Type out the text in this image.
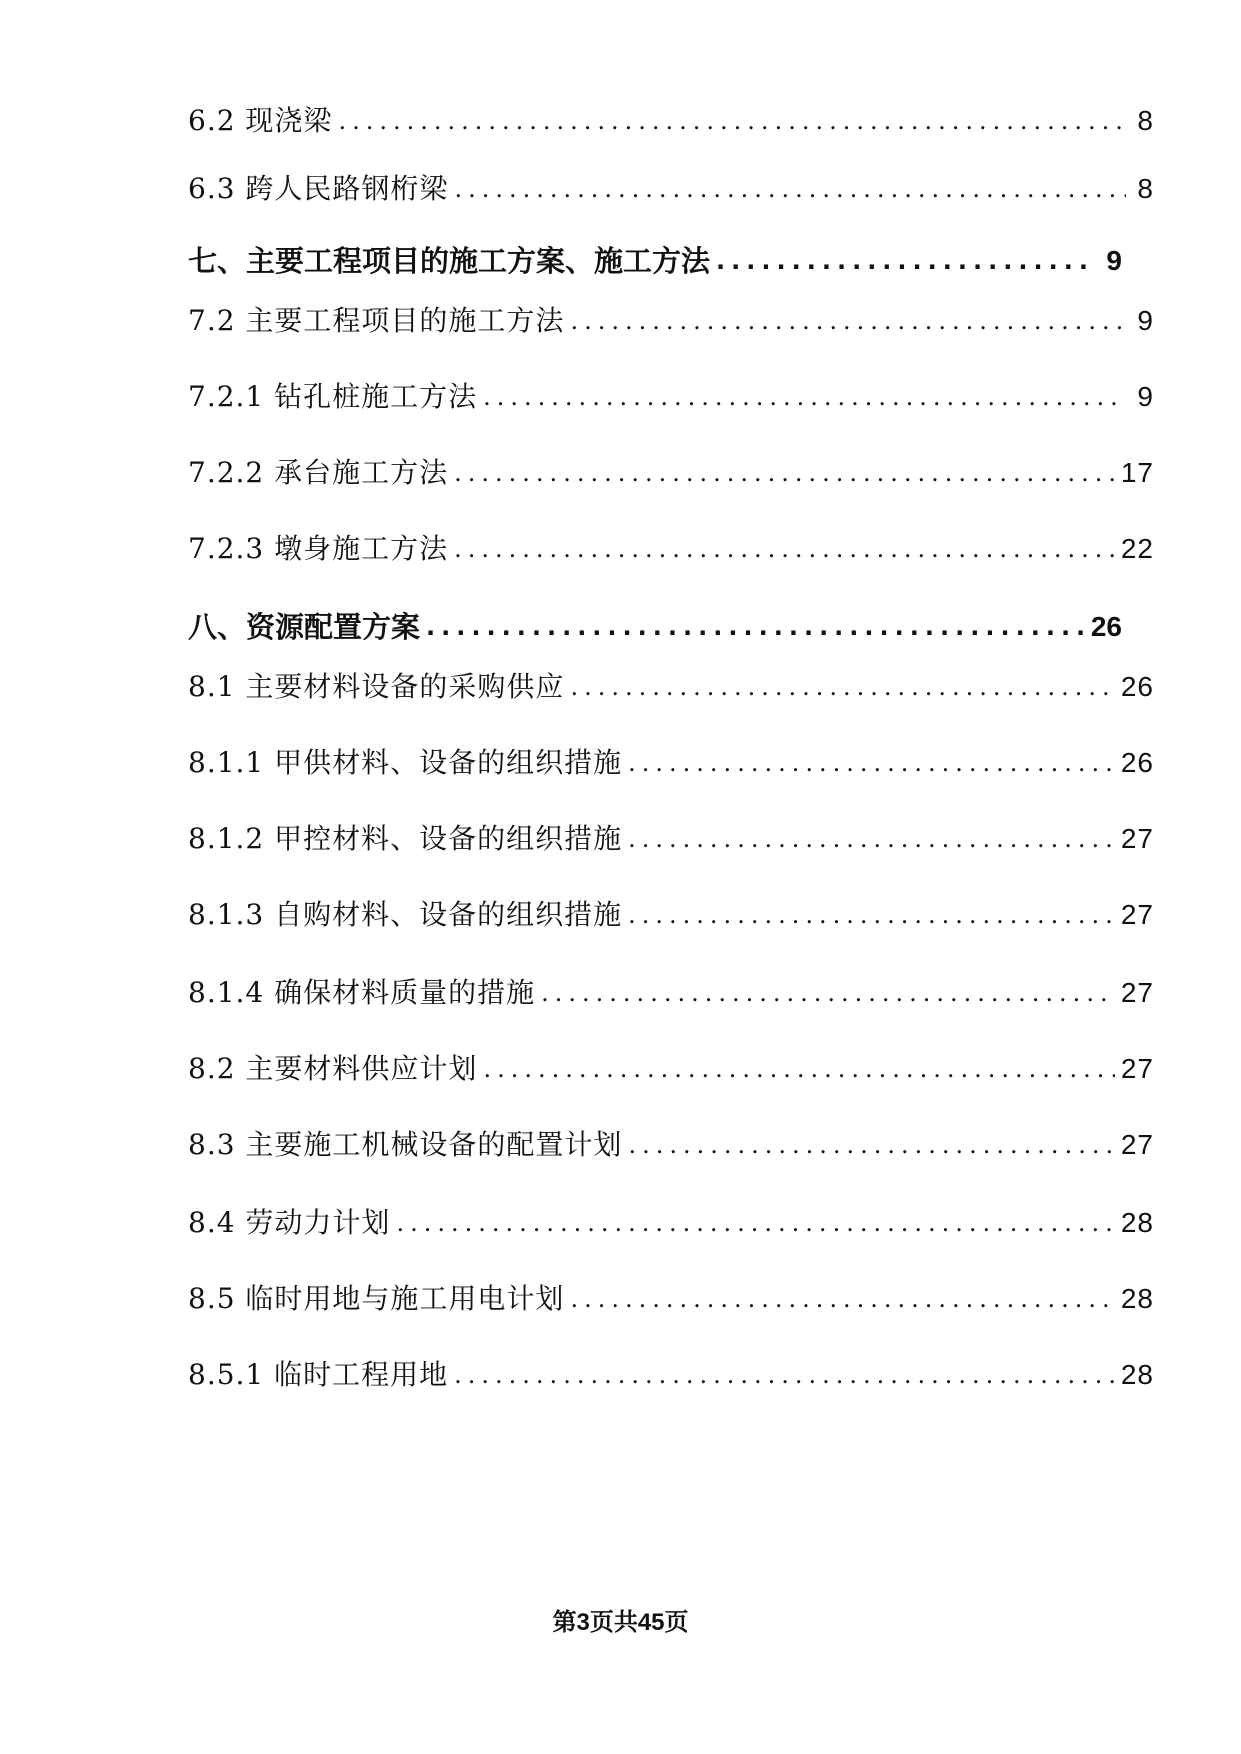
6.2 现浇梁 .....	8
6.3 跨人民路钢桁梁 .....	8
七、主要工程项目的施工方案、施工方法 .....	9
7.2 主要工程项目的施工方法 .....	9
7.2.1 钻孔桩施工方法 .....	9
7.2.2 承台施工方法 .....	17
7.2.3 墩身施工方法 .....	22
八、资源配置方案 .....	26
8.1 主要材料设备的采购供应 .....	26
8.1.1 甲供材料、设备的组织措施 .....	26
8.1.2 甲控材料、设备的组织措施 .....	27
8.1.3 自购材料、设备的组织措施 .....	27
8.1.4 确保材料质量的措施 .....	27
8.2 主要材料供应计划 .....	27
8.3 主要施工机械设备的配置计划 .....	27
8.4 劳动力计划 .....	28
8.5 临时用地与施工用电计划 .....	28
8.5.1 临时工程用地 .....	28
第3页共45页
